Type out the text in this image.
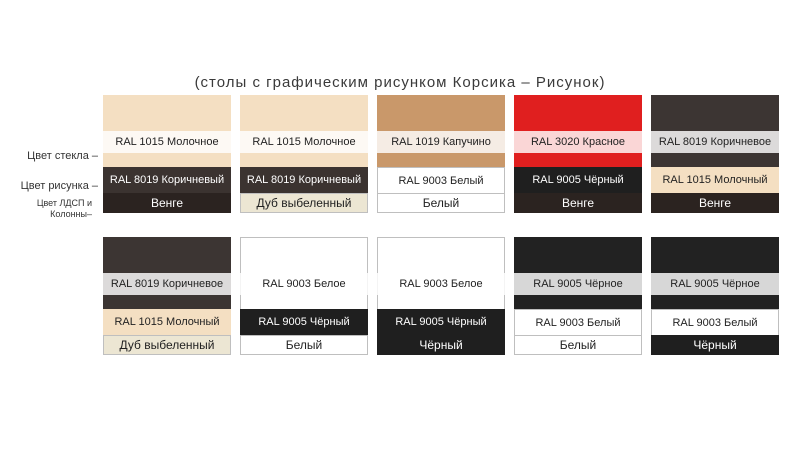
(столы с графическим рисунком Корсика – Рисунок)
Цвет стекла –
Цвет рисунка –
Цвет ЛДСП и Колонны–
RAL 1015 Молочное
RAL 8019 Коричневый
Венге
RAL 1015 Молочное
RAL 8019 Коричневый
Дуб выбеленный
RAL 1019 Капучино
RAL 9003 Белый
Белый
RAL 3020 Красное
RAL 9005 Чёрный
Венге
RAL 8019 Коричневое
RAL 1015 Молочный
Венге
RAL 8019 Коричневое
RAL 1015 Молочный
Дуб выбеленный
RAL 9003 Белое
RAL 9005 Чёрный
Белый
RAL 9003 Белое
RAL 9005 Чёрный
Чёрный
RAL 9005 Чёрное
RAL 9003 Белый
Белый
RAL 9005 Чёрное
RAL 9003 Белый
Чёрный
